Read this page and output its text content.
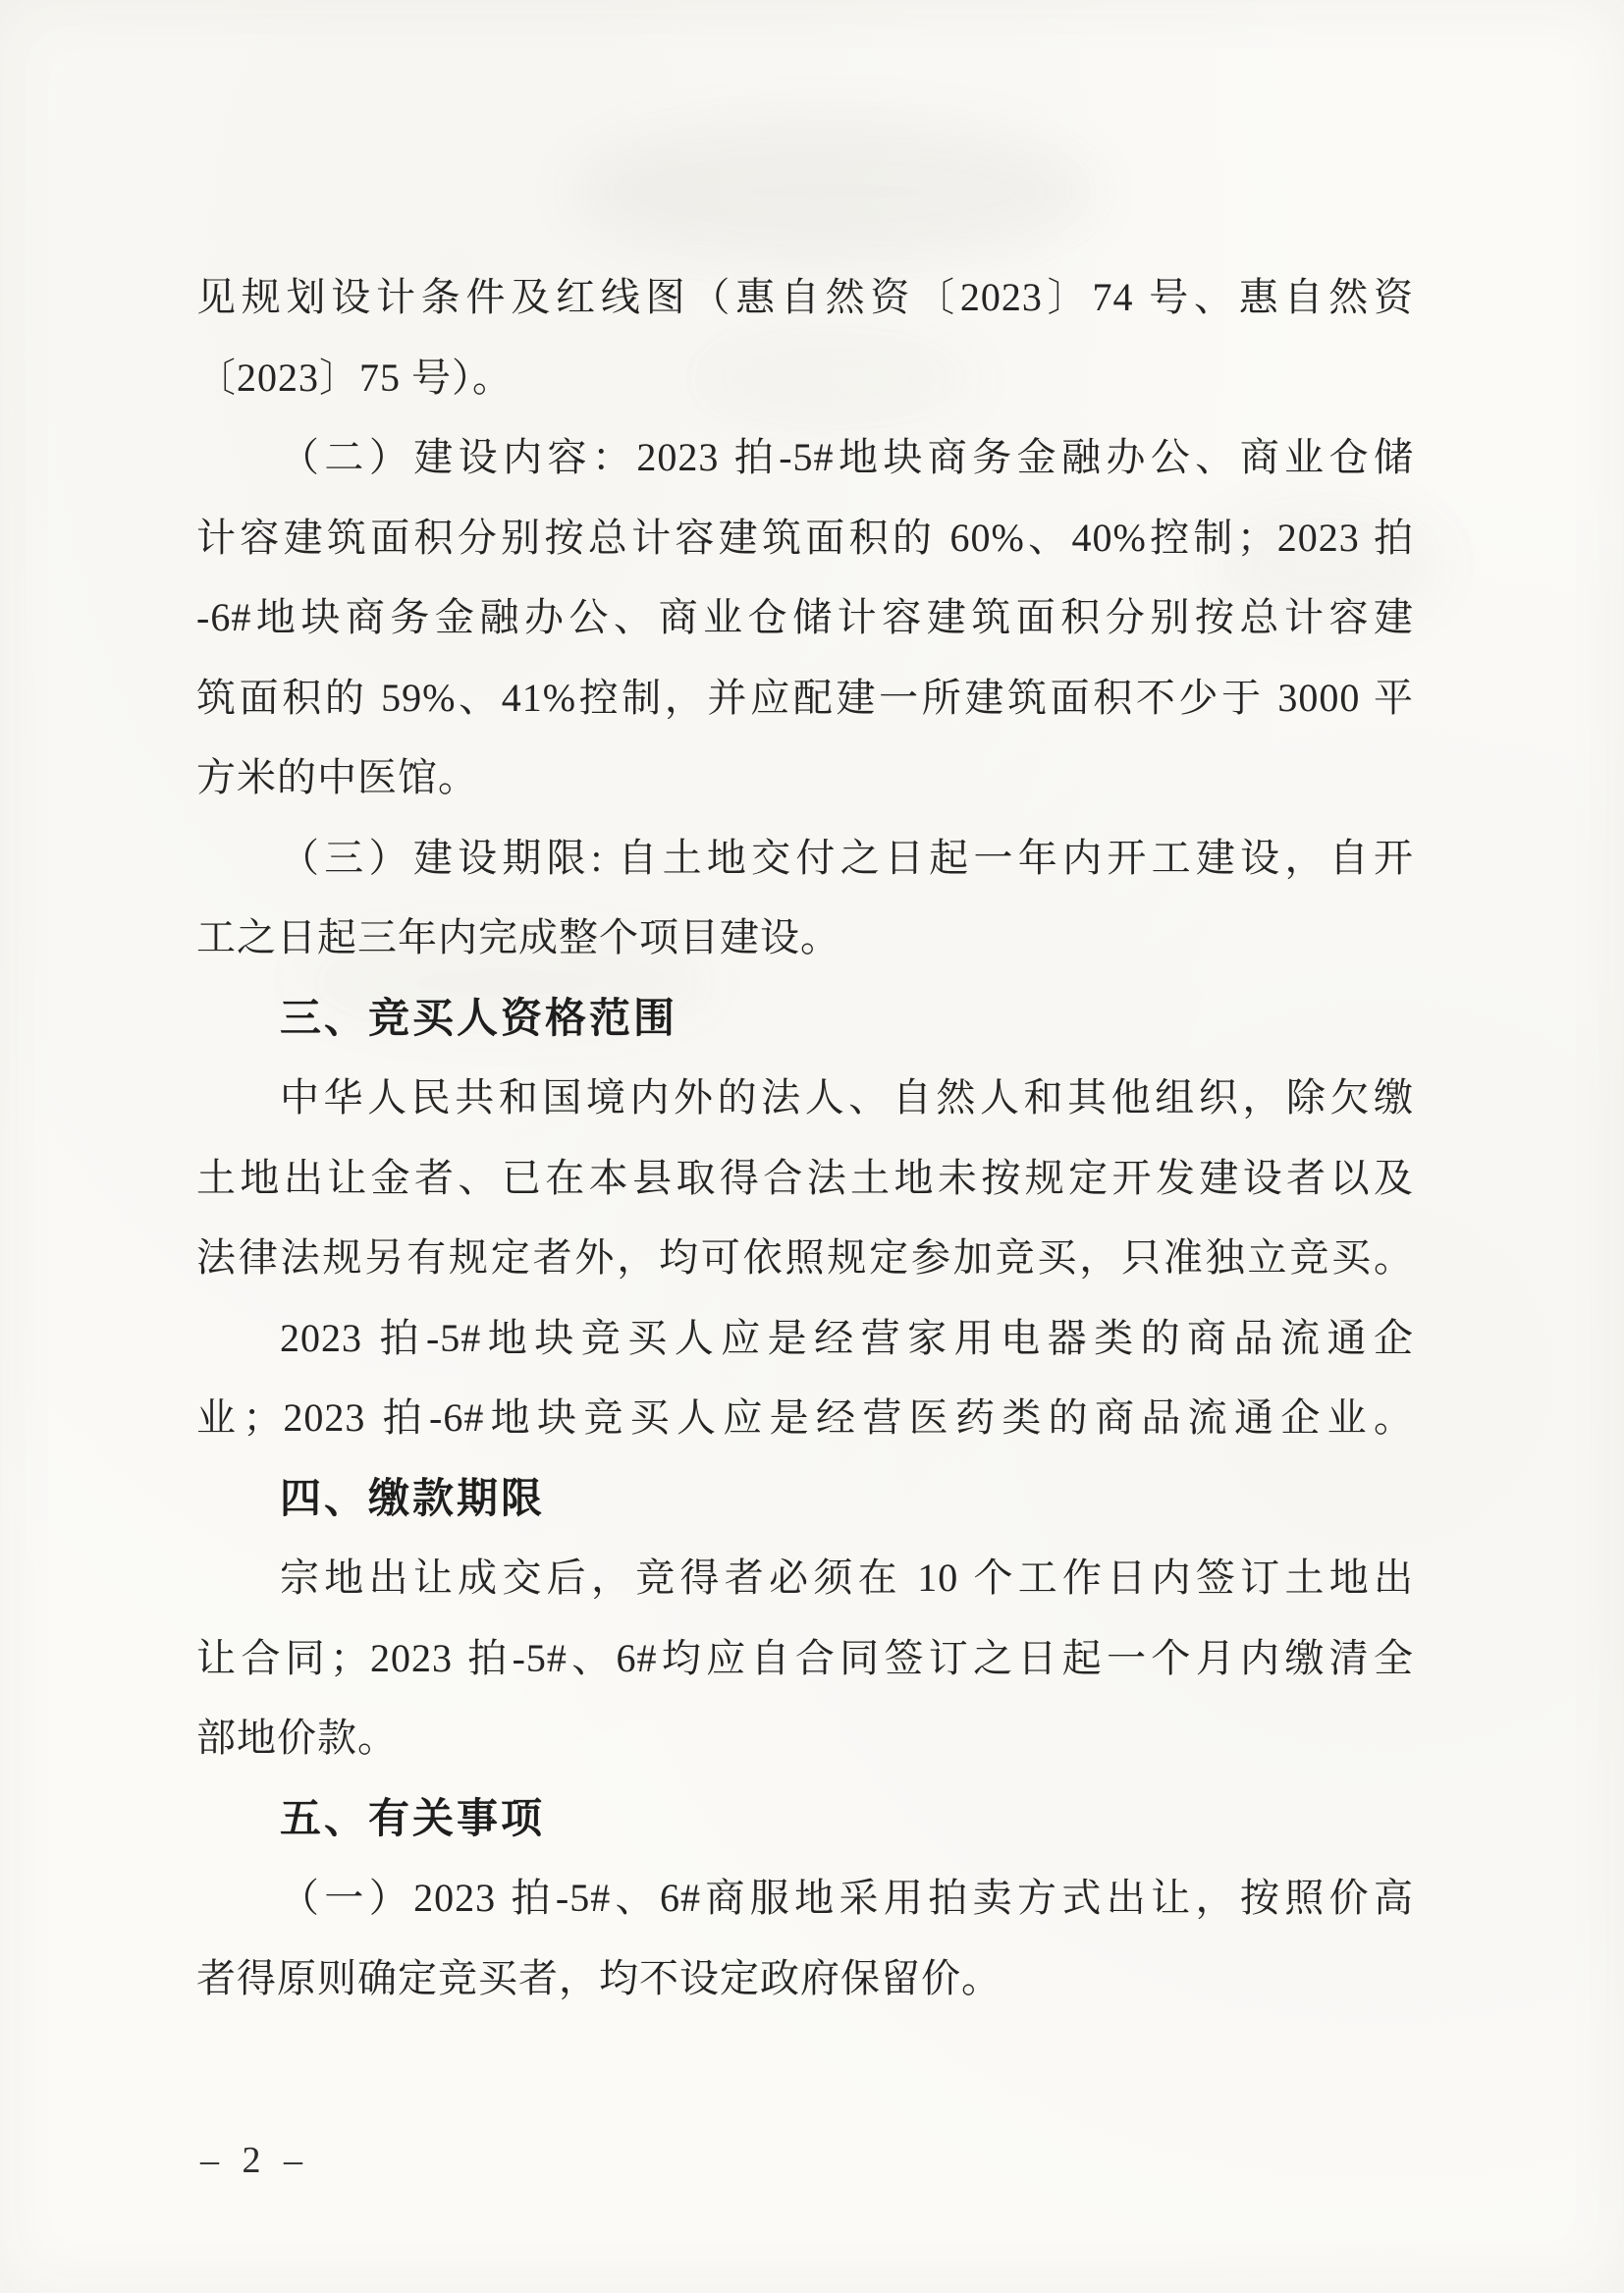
见规划设计条件及红线图（惠自然资〔2023〕74 号、惠自然资
〔2023〕75 号）。
（二）建设内容：2023 拍-5#地块商务金融办公、商业仓储
计容建筑面积分别按总计容建筑面积的 60%、40%控制；2023 拍
-6#地块商务金融办公、商业仓储计容建筑面积分别按总计容建
筑面积的 59%、41%控制，并应配建一所建筑面积不少于 3000 平
方米的中医馆。
（三）建设期限: 自土地交付之日起一年内开工建设，自开
工之日起三年内完成整个项目建设。
三、竞买人资格范围
中华人民共和国境内外的法人、自然人和其他组织，除欠缴
土地出让金者、已在本县取得合法土地未按规定开发建设者以及
法律法规另有规定者外，均可依照规定参加竞买，只准独立竞买。
2023 拍-5#地块竞买人应是经营家用电器类的商品流通企
业；2023 拍-6#地块竞买人应是经营医药类的商品流通企业。
四、缴款期限
宗地出让成交后，竞得者必须在 10 个工作日内签订土地出
让合同；2023 拍-5#、6#均应自合同签订之日起一个月内缴清全
部地价款。
五、有关事项
（一）2023 拍-5#、6#商服地采用拍卖方式出让，按照价高
者得原则确定竞买者，均不设定政府保留价。
– 2 –
